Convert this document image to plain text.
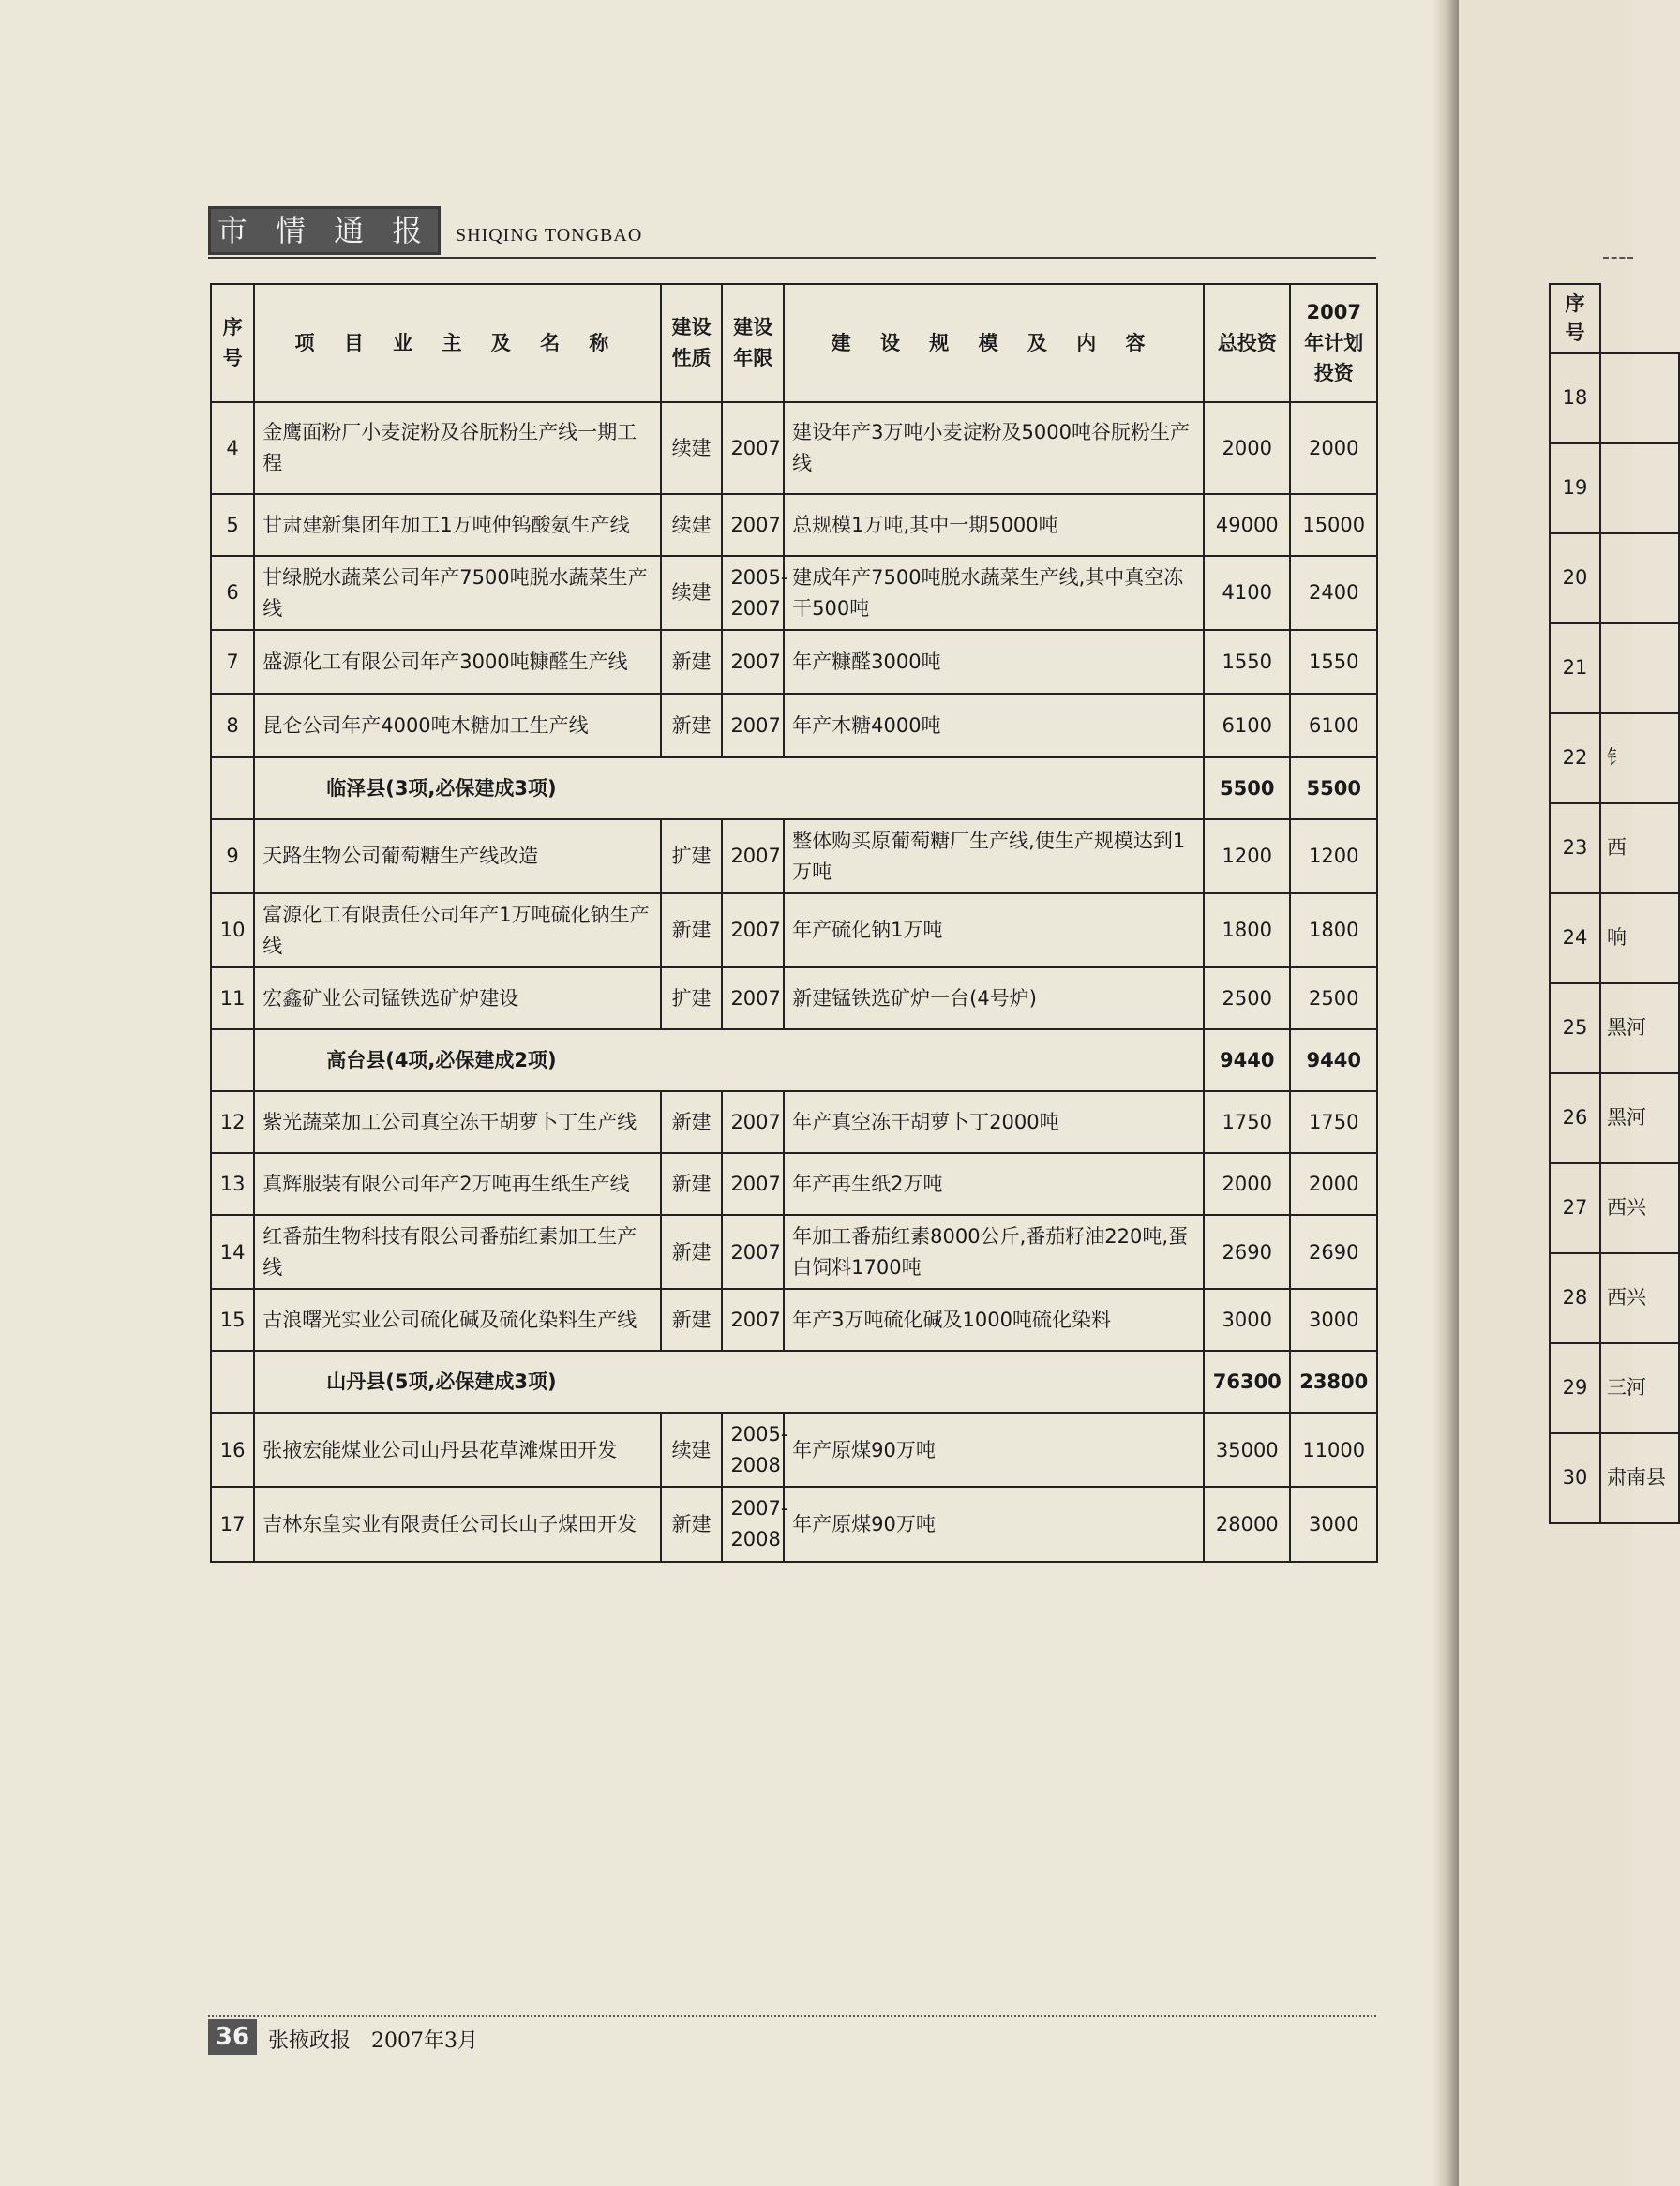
市 情 通 报	SHIQING TONGBAO
序号	项 目 业 主 及 名 称	建设性质	建设年限	建 设 规 模 及 内 容	总投资	2007年计划投资
4	金鹰面粉厂小麦淀粉及谷朊粉生产线一期工程	续建	2007	建设年产3万吨小麦淀粉及5000吨谷朊粉生产线	2000	2000
5	甘肃建新集团年加工1万吨仲钨酸氨生产线	续建	2007	总规模1万吨,其中一期5000吨	49000	15000
6	甘绿脱水蔬菜公司年产7500吨脱水蔬菜生产线	续建	2005-2007	建成年产7500吨脱水蔬菜生产线,其中真空冻干500吨	4100	2400
7	盛源化工有限公司年产3000吨糠醛生产线	新建	2007	年产糠醛3000吨	1550	1550
8	昆仑公司年产4000吨木糖加工生产线	新建	2007	年产木糖4000吨	6100	6100
	临泽县(3项,必保建成3项)				5500	5500
9	天路生物公司葡萄糖生产线改造	扩建	2007	整体购买原葡萄糖厂生产线,使生产规模达到1万吨	1200	1200
10	富源化工有限责任公司年产1万吨硫化钠生产线	新建	2007	年产硫化钠1万吨	1800	1800
11	宏鑫矿业公司锰铁选矿炉建设	扩建	2007	新建锰铁选矿炉一台(4号炉)	2500	2500
	高台县(4项,必保建成2项)				9440	9440
12	紫光蔬菜加工公司真空冻干胡萝卜丁生产线	新建	2007	年产真空冻干胡萝卜丁2000吨	1750	1750
13	真辉服装有限公司年产2万吨再生纸生产线	新建	2007	年产再生纸2万吨	2000	2000
14	红番茄生物科技有限公司番茄红素加工生产线	新建	2007	年加工番茄红素8000公斤,番茄籽油220吨,蛋白饲料1700吨	2690	2690
15	古浪曙光实业公司硫化碱及硫化染料生产线	新建	2007	年产3万吨硫化碱及1000吨硫化染料	3000	3000
	山丹县(5项,必保建成3项)				76300	23800
16	张掖宏能煤业公司山丹县花草滩煤田开发	续建	2005-2008	年产原煤90万吨	35000	11000
17	吉林东皇实业有限责任公司长山子煤田开发	新建	2007-2008	年产原煤90万吨	28000	3000
序号	
18	
19	
20	
21	
22	钅
23	西
24	响
25	黑河
26	黑河
27	西兴
28	西兴
29	三河
30	肃南县
36 张掖政报 2007年3月
